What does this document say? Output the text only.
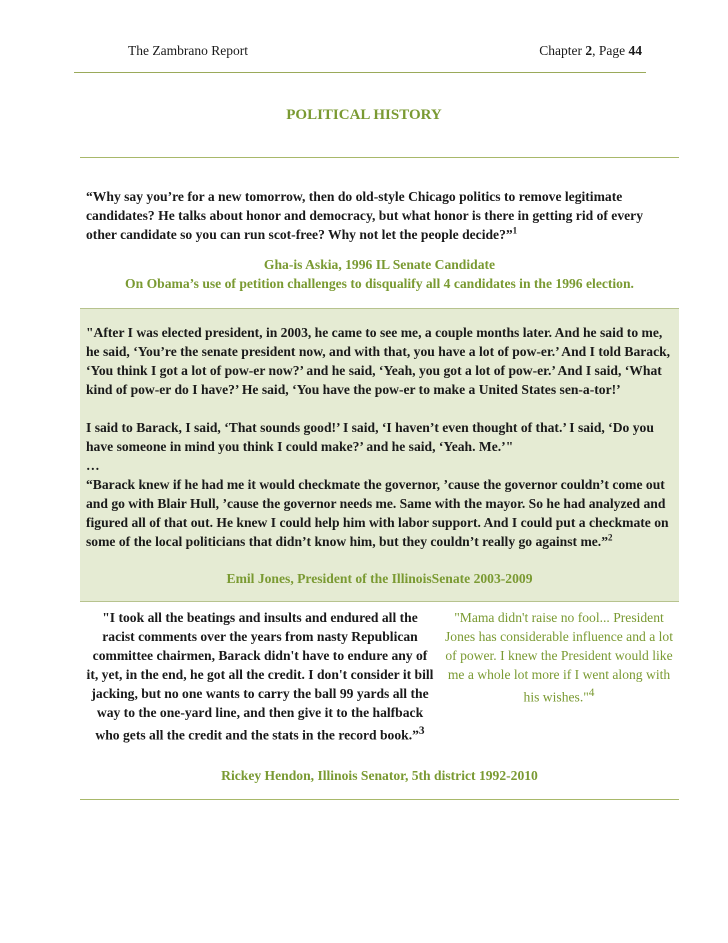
The Zambrano Report	Chapter 2, Page 44
POLITICAL HISTORY
“Why say you’re for a new tomorrow, then do old-style Chicago politics to remove legitimate candidates? He talks about honor and democracy, but what honor is there in getting rid of every other candidate so you can run scot-free? Why not let the people decide?”$^1$
Gha-is Askia, 1996 IL Senate Candidate
On Obama’s use of petition challenges to disqualify all 4 candidates in the 1996 election.

"After I was elected president, in 2003, he came to see me, a couple months later. And he said to me, he said, ‘You’re the senate president now, and with that, you have a lot of pow-er.’ And I told Barack, ‘You think I got a lot of pow-er now?’ and he said, ‘Yeah, you got a lot of pow-er.’ And I said, ‘What kind of pow-er do I have?’ He said, ‘You have the pow-er to make a United States sen-a-tor!’

I said to Barack, I said, ‘That sounds good!’ I said, ‘I haven’t even thought of that.’ I said, ‘Do you have someone in mind you think I could make?’ and he said, ‘Yeah. Me.’"

…

“Barack knew if he had me it would checkmate the governor, ’cause the governor couldn’t come out and go with Blair Hull, ’cause the governor needs me. Same with the mayor. So he had analyzed and figured all of that out. He knew I could help him with labor support. And I could put a checkmate on some of the local politicians that didn’t know him, but they couldn’t really go against me.”$^2$

Emil Jones, President of the IllinoisSenate 2003-2009
"I took all the beatings and insults and endured all the racist comments over the years from nasty Republican committee chairmen, Barack didn't have to endure any of it, yet, in the end, he got all the credit. I don't consider it bill jacking, but no one wants to carry the ball 99 yards all the way to the one-yard line, and then give it to the halfback who gets all the credit and the stats in the record book.”$^3$
"Mama didn't raise no fool... President Jones has considerable influence and a lot of power. I knew the President would like me a whole lot more if I went along with his wishes."$^4$
Rickey Hendon, Illinois Senator, 5th district 1992-2010
